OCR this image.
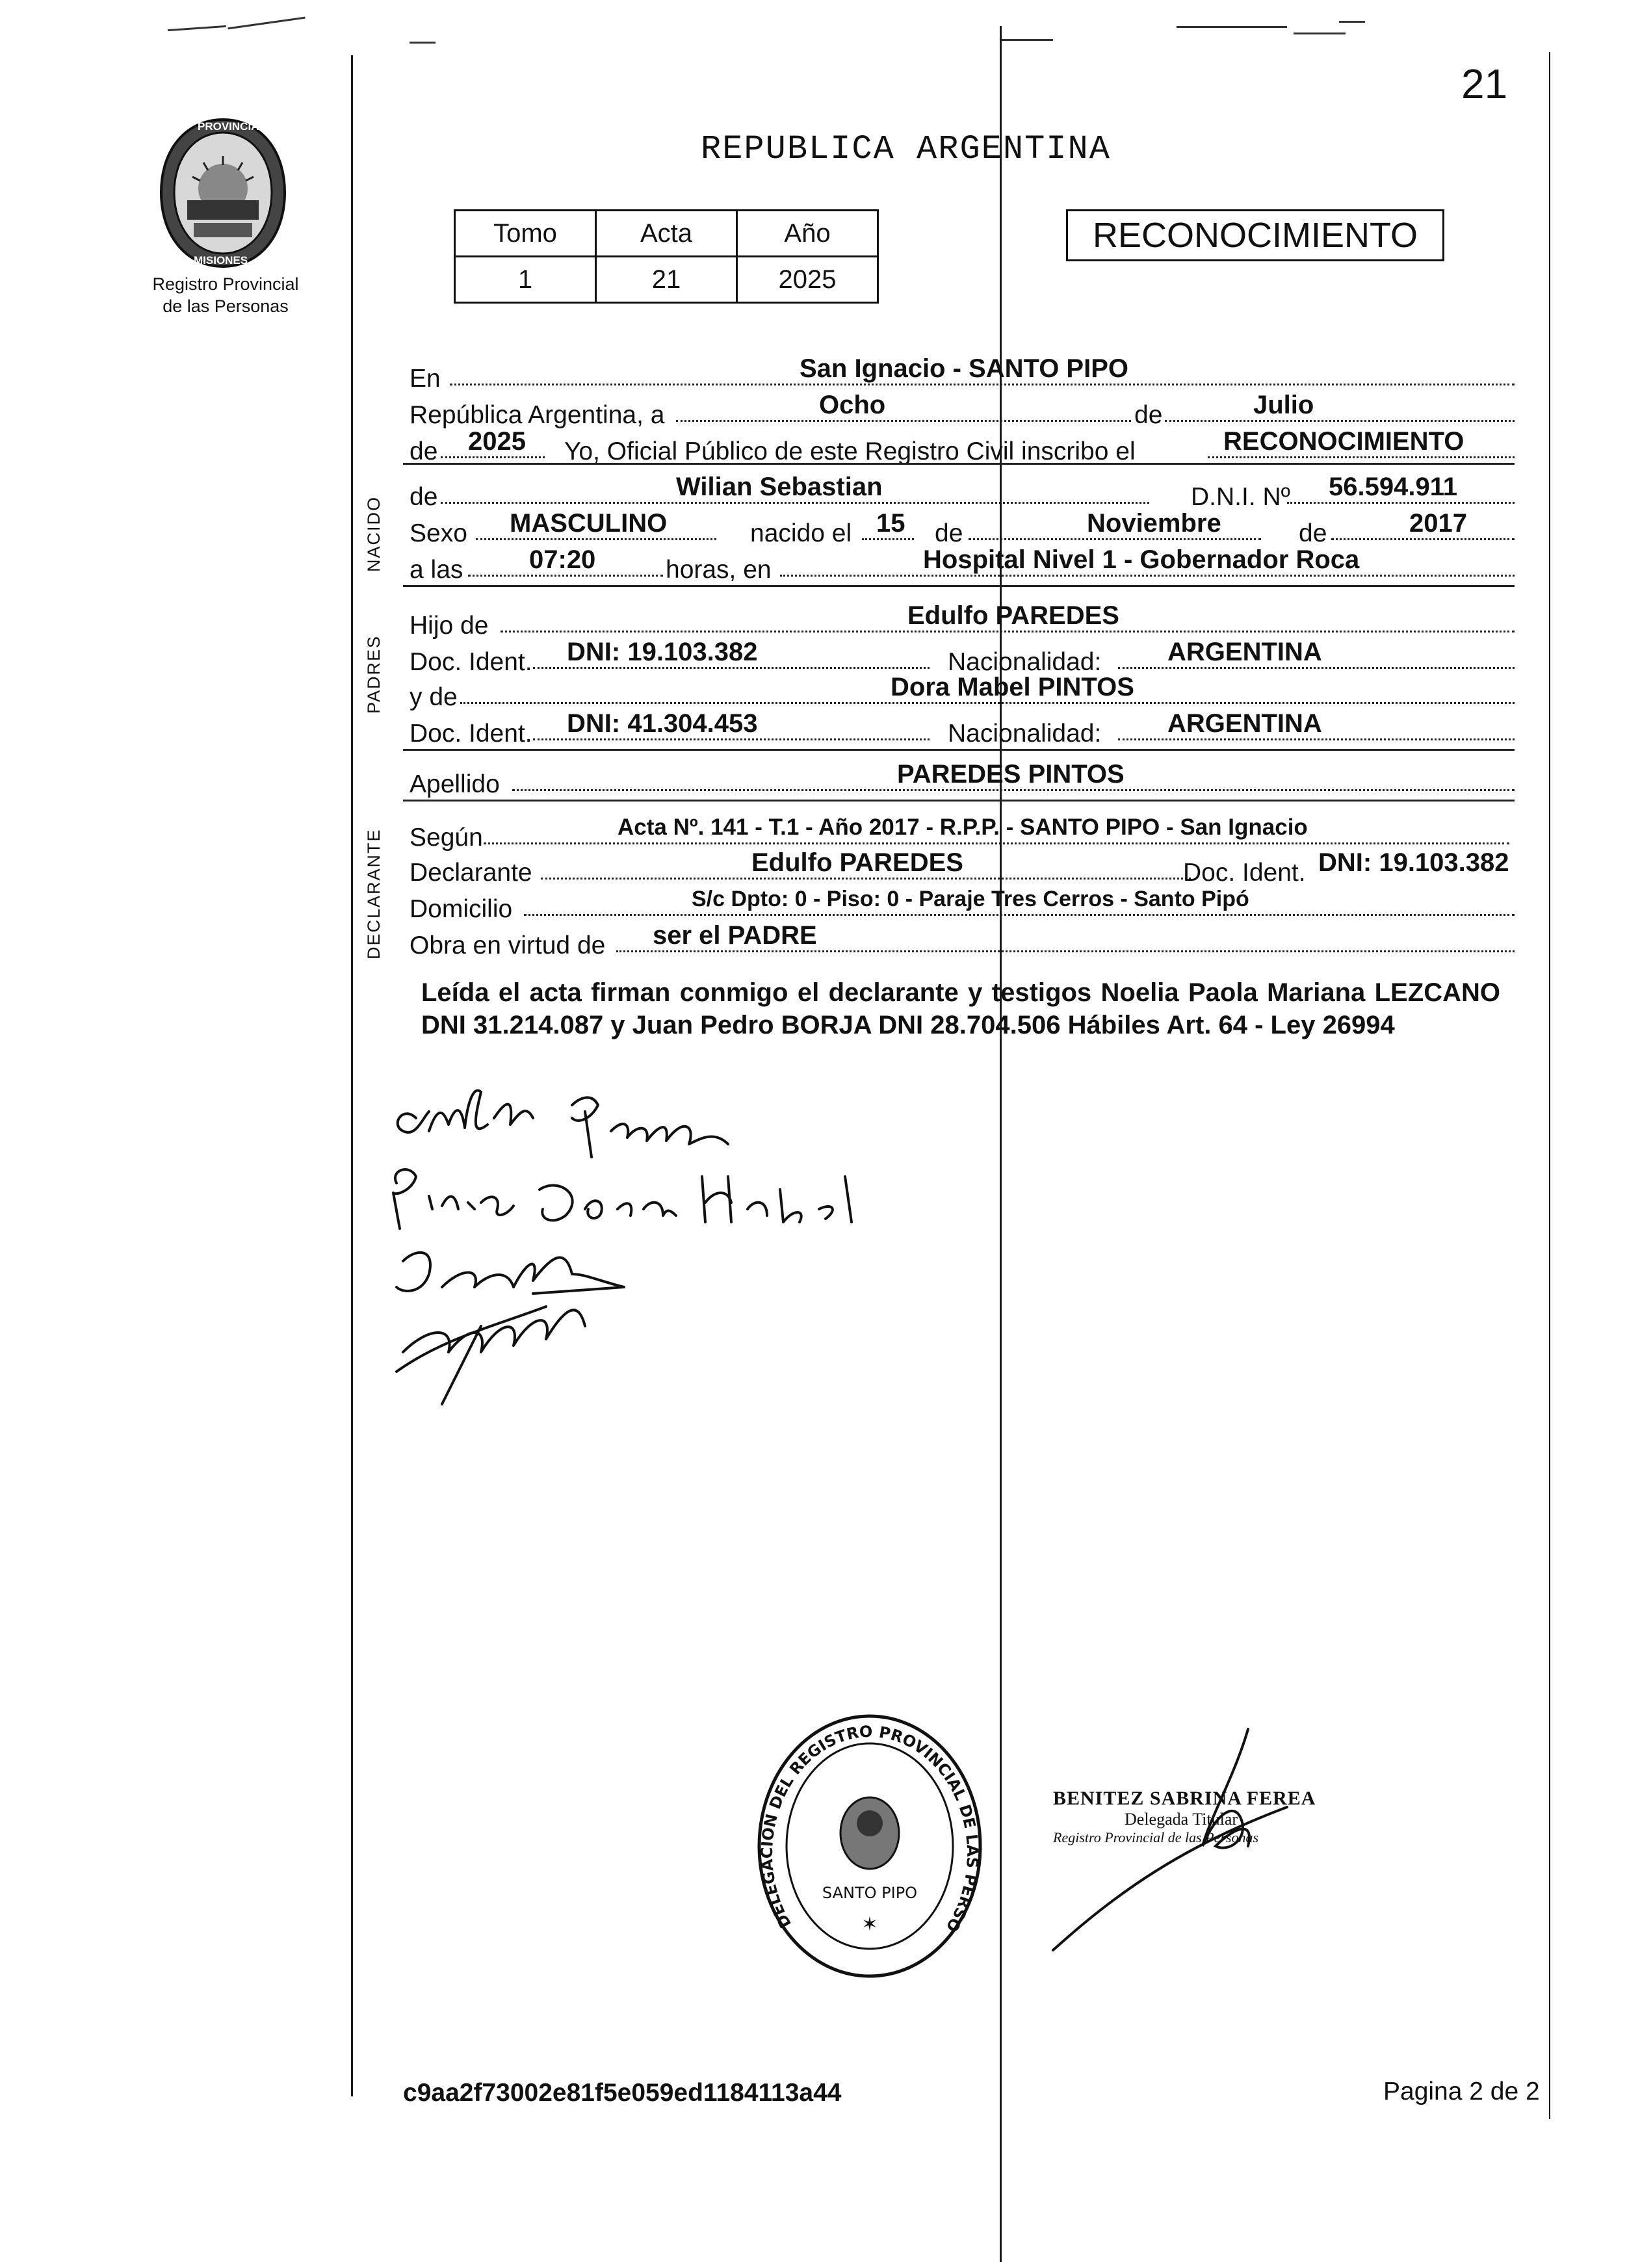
21
PROVINCIA
MISIONES
Registro Provincial
de las Personas
REPUBLICA ARGENTINA
Tomo	Acta	Año
1	21	2025
RECONOCIMIENTO
NACIDO
PADRES
DECLARANTE
En	San Ignacio - SANTO PIPO
República Argentina, a	Ocho	de	Julio
de 2025 Yo, Oficial Público de este Registro Civil inscribo el	RECONOCIMIENTO
de	Wilian Sebastian	D.N.I. Nº 56.594.911
Sexo MASCULINO	nacido el 15 de	Noviembre	de	2017
a las	07:20	horas, en	Hospital Nivel 1 - Gobernador Roca
Hijo de	Edulfo PAREDES
Doc. Ident. DNI: 19.103.382	Nacionalidad:	ARGENTINA
y de	Dora Mabel PINTOS
Doc. Ident. DNI: 41.304.453	Nacionalidad:	ARGENTINA
Apellido	PAREDES PINTOS
Según	Acta Nº. 141 - T.1 - Año 2017 - R.P.P. - SANTO PIPO - San Ignacio
Declarante	Edulfo PAREDES	Doc. Ident. DNI: 19.103.382
Domicilio	S/c Dpto: 0 - Piso: 0 - Paraje Tres Cerros - Santo Pipó
Obra en virtud de ser el PADRE
Leída el acta firman conmigo el declarante y testigos Noelia Paola Mariana LEZCANO DNI 31.214.087 y Juan Pedro BORJA DNI 28.704.506 Hábiles Art. 64 - Ley 26994
DELEGACION DEL REGISTRO PROVINCIAL DE LAS PERSO
SANTO PIPO
✶
BENITEZ SABRINA FEREA
Delegada Titular
Registro Provincial de las Personas
c9aa2f73002e81f5e059ed1184113a44	Pagina 2 de 2
